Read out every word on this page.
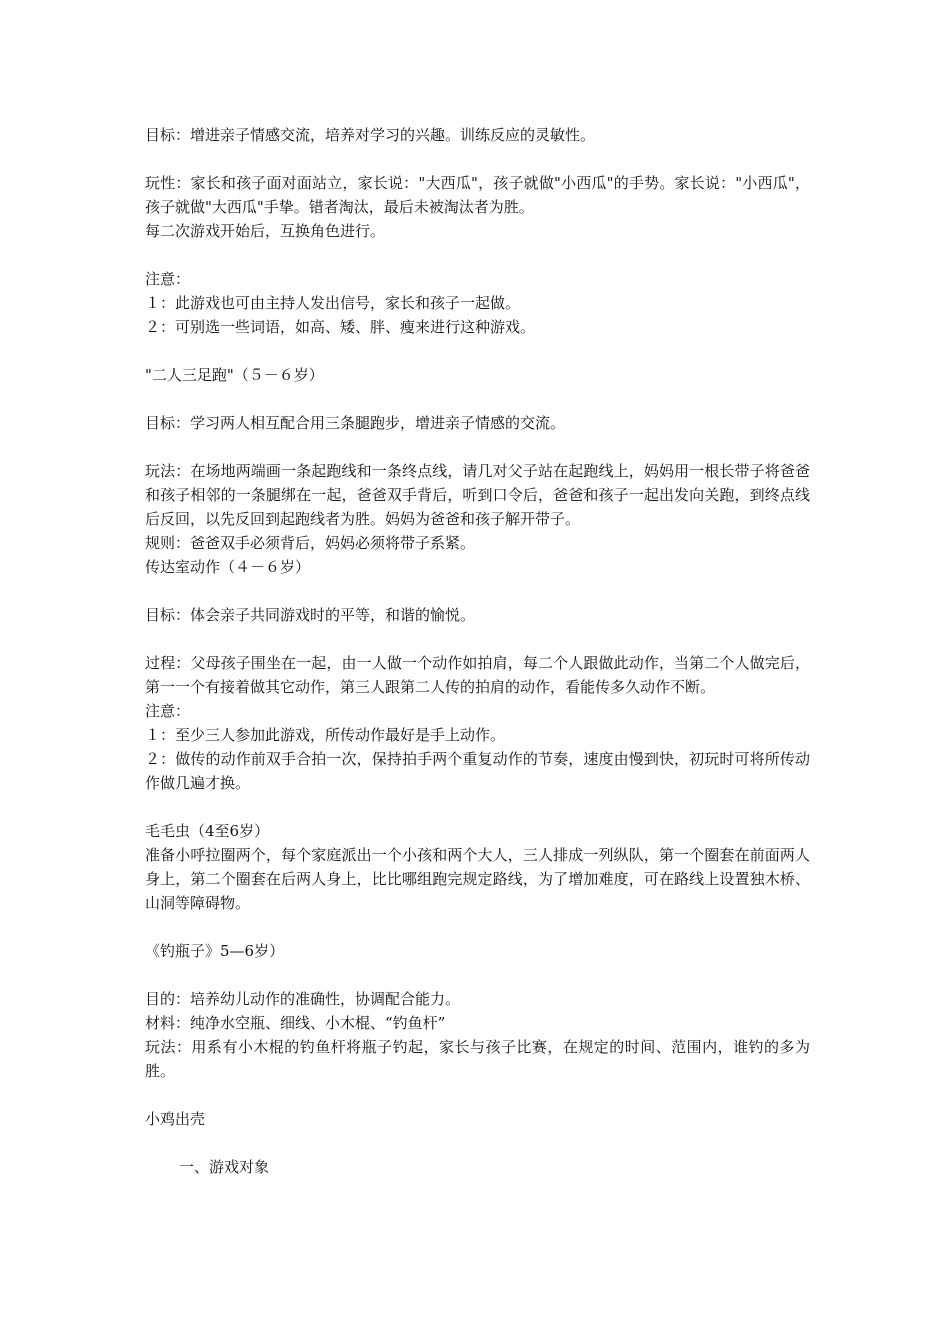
目标：增进亲子情感交流，培养对学习的兴趣。训练反应的灵敏性。

玩性：家长和孩子面对面站立，家长说："大西瓜"，孩子就做"小西瓜"的手势。家长说："小西瓜"，孩子就做"大西瓜"手挚。错者淘汰，最后未被淘汰者为胜。

每二次游戏开始后，互换角色进行。

注意：

１：此游戏也可由主持人发出信号，家长和孩子一起做。

２：可别选一些词语，如高、矮、胖、瘦来进行这种游戏。

"二人三足跑"（５－６岁）

目标：学习两人相互配合用三条腿跑步，增进亲子情感的交流。

玩法：在场地两端画一条起跑线和一条终点线，请几对父子站在起跑线上，妈妈用一根长带子将爸爸和孩子相邻的一条腿绑在一起，爸爸双手背后，听到口令后，爸爸和孩子一起出发向关跑，到终点线后反回，以先反回到起跑线者为胜。妈妈为爸爸和孩子解开带子。

规则：爸爸双手必须背后，妈妈必须将带子系紧。

传达室动作（４－６岁）

目标：体会亲子共同游戏时的平等，和谐的愉悦。

过程：父母孩子围坐在一起，由一人做一个动作如拍肩，每二个人跟做此动作，当第二个人做完后，第一一个有接着做其它动作，第三人跟第二人传的拍肩的动作，看能传多久动作不断。

注意：

１：至少三人参加此游戏，所传动作最好是手上动作。

２：做传的动作前双手合拍一次，保持拍手两个重复动作的节奏，速度由慢到快，初玩时可将所传动作做几遍才换。

毛毛虫（4至6岁）

准备小呼拉圈两个，每个家庭派出一个小孩和两个大人，三人排成一列纵队，第一个圈套在前面两人身上，第二个圈套在后两人身上，比比哪组跑完规定路线，为了增加难度，可在路线上设置独木桥、山洞等障碍物。

《钓瓶子》5—6岁）

目的：培养幼儿动作的准确性，协调配合能力。

材料：纯净水空瓶、细线、小木棍、“钓鱼杆”

玩法：用系有小木棍的钓鱼杆将瓶子钓起，家长与孩子比赛，在规定的时间、范围内，谁钓的多为胜。

小鸡出壳

一、游戏对象
